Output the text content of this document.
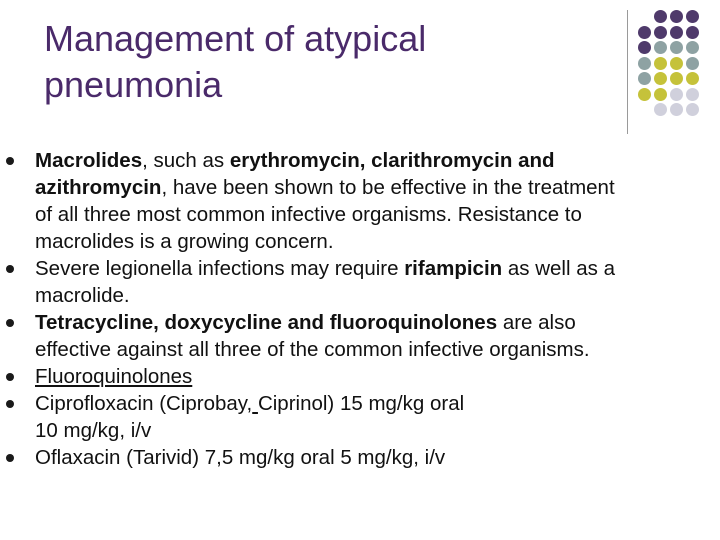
Management of atypical
pneumonia
Macrolides, such as erythromycin, clarithromycin and
azithromycin, have been shown to be effective in the treatment
of all three most common infective organisms. Resistance to
macrolides is a growing concern.
Severe legionella infections may require rifampicin as well as a
macrolide.
Tetracycline, doxycycline and fluoroquinolones are also
effective against all three of the common infective organisms.
Fluoroquinolones
Ciprofloxacin (Ciprobay, Ciprinol) 15 mg/kg oral
10 mg/kg, i/v
Oflaxacin (Tarivid) 7,5 mg/kg oral 5 mg/kg, i/v
